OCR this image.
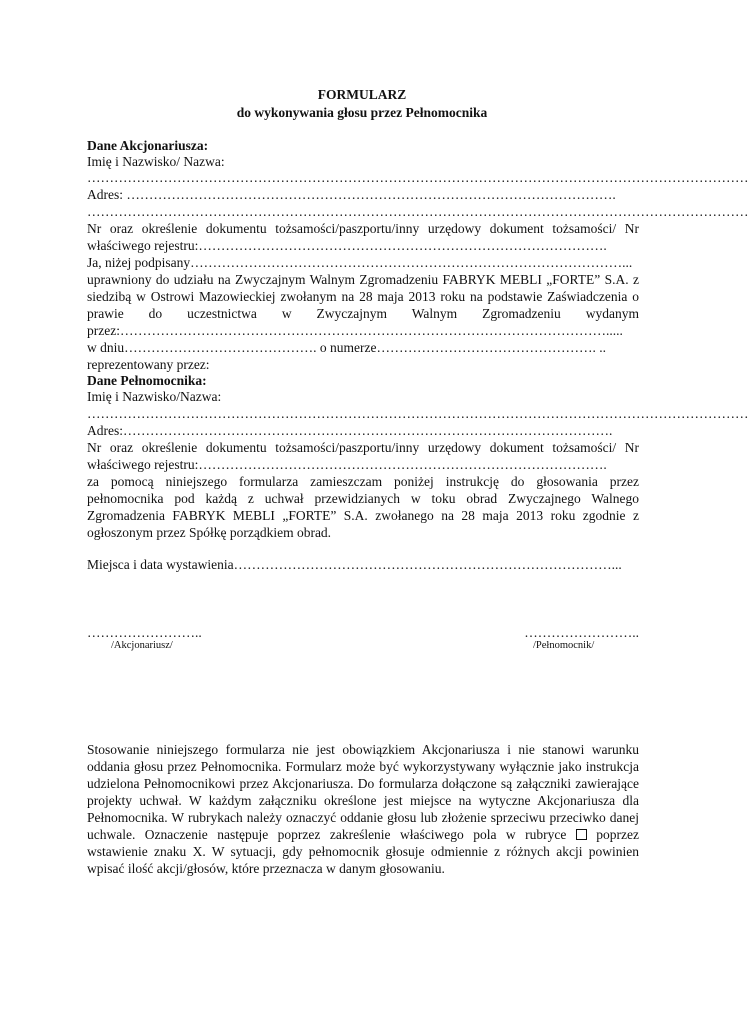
FORMULARZ
do wykonywania głosu przez Pełnomocnika
Dane Akcjonariusza:
Imię i Nazwisko/ Nazwa:
…………………………………………………………………………………………………………………………………
Adres: ……………………………………………………………………………………………….
…………………………………………………………………………………………………………………………………
Nr oraz określenie dokumentu tożsamości/paszportu/inny urzędowy dokument tożsamości/ Nr
właściwego rejestru:……………………………………………………………………………….
Ja, niżej podpisany……………………………………………………………………………………...
uprawniony do udziału na Zwyczajnym Walnym Zgromadzeniu FABRYK MEBLI „FORTE” S.A. z
siedzibą w Ostrowi Mazowieckiej zwołanym na 28 maja 2013 roku na podstawie Zaświadczenia o
prawie do uczestnictwa w Zwyczajnym Walnym Zgromadzeniu wydanym
przez:……………………………………………………………………………………………….....
w dniu……………………………………. o numerze…………………………………………. ..
reprezentowany przez:
Dane Pełnomocnika:
Imię i Nazwisko/Nazwa:
…………………………………………………………………………………………………………………………………
Adres:……………………………………………………………………………………………….
Nr oraz określenie dokumentu tożsamości/paszportu/inny urzędowy dokument tożsamości/ Nr
właściwego rejestru:……………………………………………………………………………….
za pomocą niniejszego formularza zamieszczam poniżej instrukcję do głosowania przez
pełnomocnika pod każdą z uchwał przewidzianych w toku obrad Zwyczajnego Walnego
Zgromadzenia FABRYK MEBLI „FORTE” S.A. zwołanego na 28 maja 2013 roku zgodnie z
ogłoszonym przez Spółkę porządkiem obrad.
Miejsca i data wystawienia…………………………………………………………………………...
……………………..
/Akcjonariusz/
……………………..
/Pełnomocnik/
Stosowanie niniejszego formularza nie jest obowiązkiem Akcjonariusza i nie stanowi warunku
oddania głosu przez Pełnomocnika. Formularz może być wykorzystywany wyłącznie jako instrukcja
udzielona Pełnomocnikowi przez Akcjonariusza. Do formularza dołączone są załączniki zawierające
projekty uchwał. W każdym załączniku określone jest miejsce na wytyczne Akcjonariusza dla
Pełnomocnika. W rubrykach należy oznaczyć oddanie głosu lub złożenie sprzeciwu przeciwko danej
uchwale. Oznaczenie następuje poprzez zakreślenie właściwego pola w rubryce poprzez
wstawienie znaku X. W sytuacji, gdy pełnomocnik głosuje odmiennie z różnych akcji powinien
wpisać ilość akcji/głosów, które przeznacza w danym głosowaniu.
